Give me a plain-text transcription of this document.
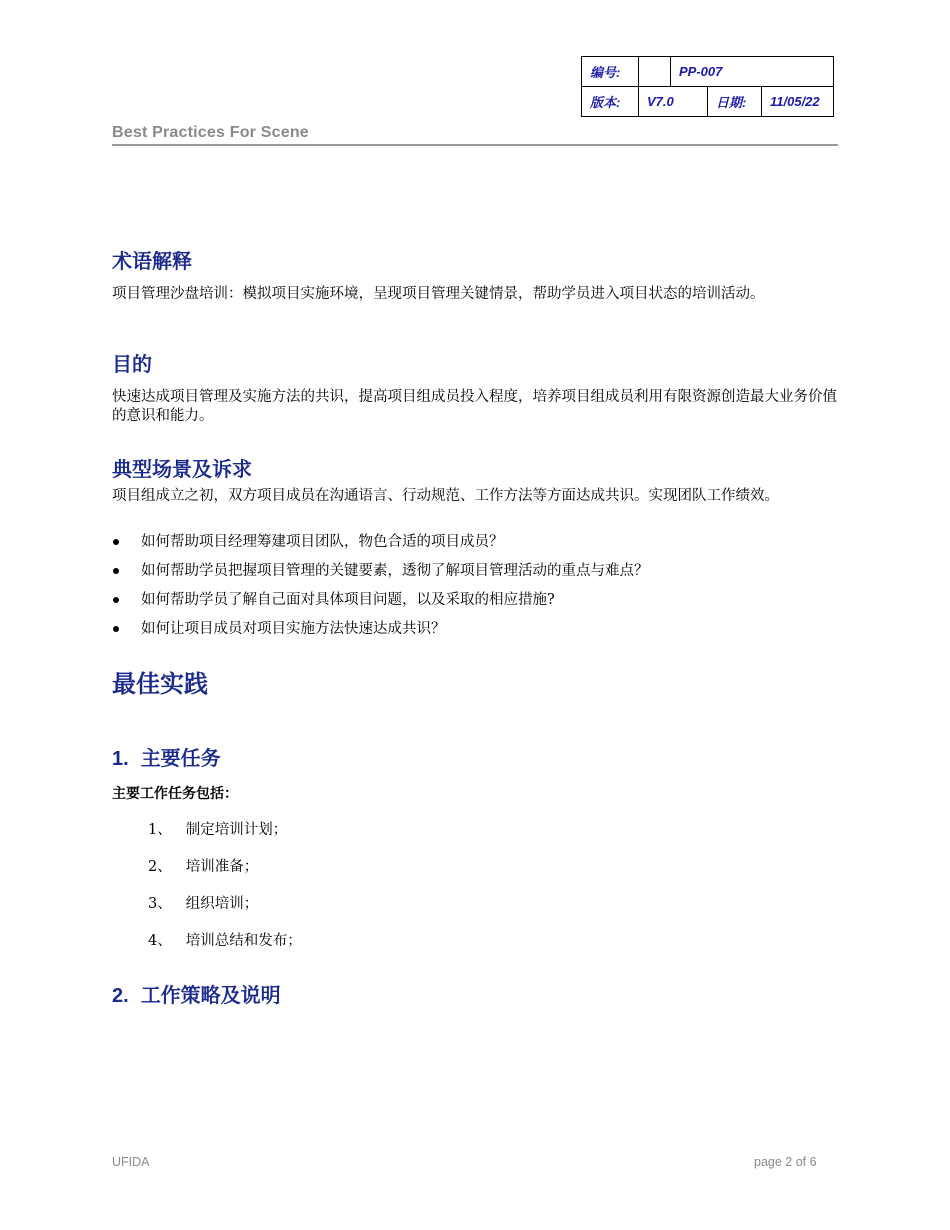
编号:		PP-007		
版本:	V7.0		日期:	11/05/22
Best Practices For Scene
术语解释

项目管理沙盘培训：模拟项目实施环境，呈现项目管理关键情景，帮助学员进入项目状态的培训活动。

目的

快速达成项目管理及实施方法的共识，提高项目组成员投入程度，培养项目组成员利用有限资源创造最大业务价值的意识和能力。

典型场景及诉求

项目组成立之初，双方项目成员在沟通语言、行动规范、工作方法等方面达成共识。实现团队工作绩效。

如何帮助项目经理筹建项目团队，物色合适的项目成员？
如何帮助学员把握项目管理的关键要素，透彻了解项目管理活动的重点与难点？
如何帮助学员了解自己面对具体项目问题，以及采取的相应措施?
如何让项目成员对项目实施方法快速达成共识？
最佳实践
1. 主要任务
主要工作任务包括：
1、 制定培训计划；
2、 培训准备；
3、 组织培训；
4、 培训总结和发布；
2. 工作策略及说明
UFIDA	page 2 of 6
